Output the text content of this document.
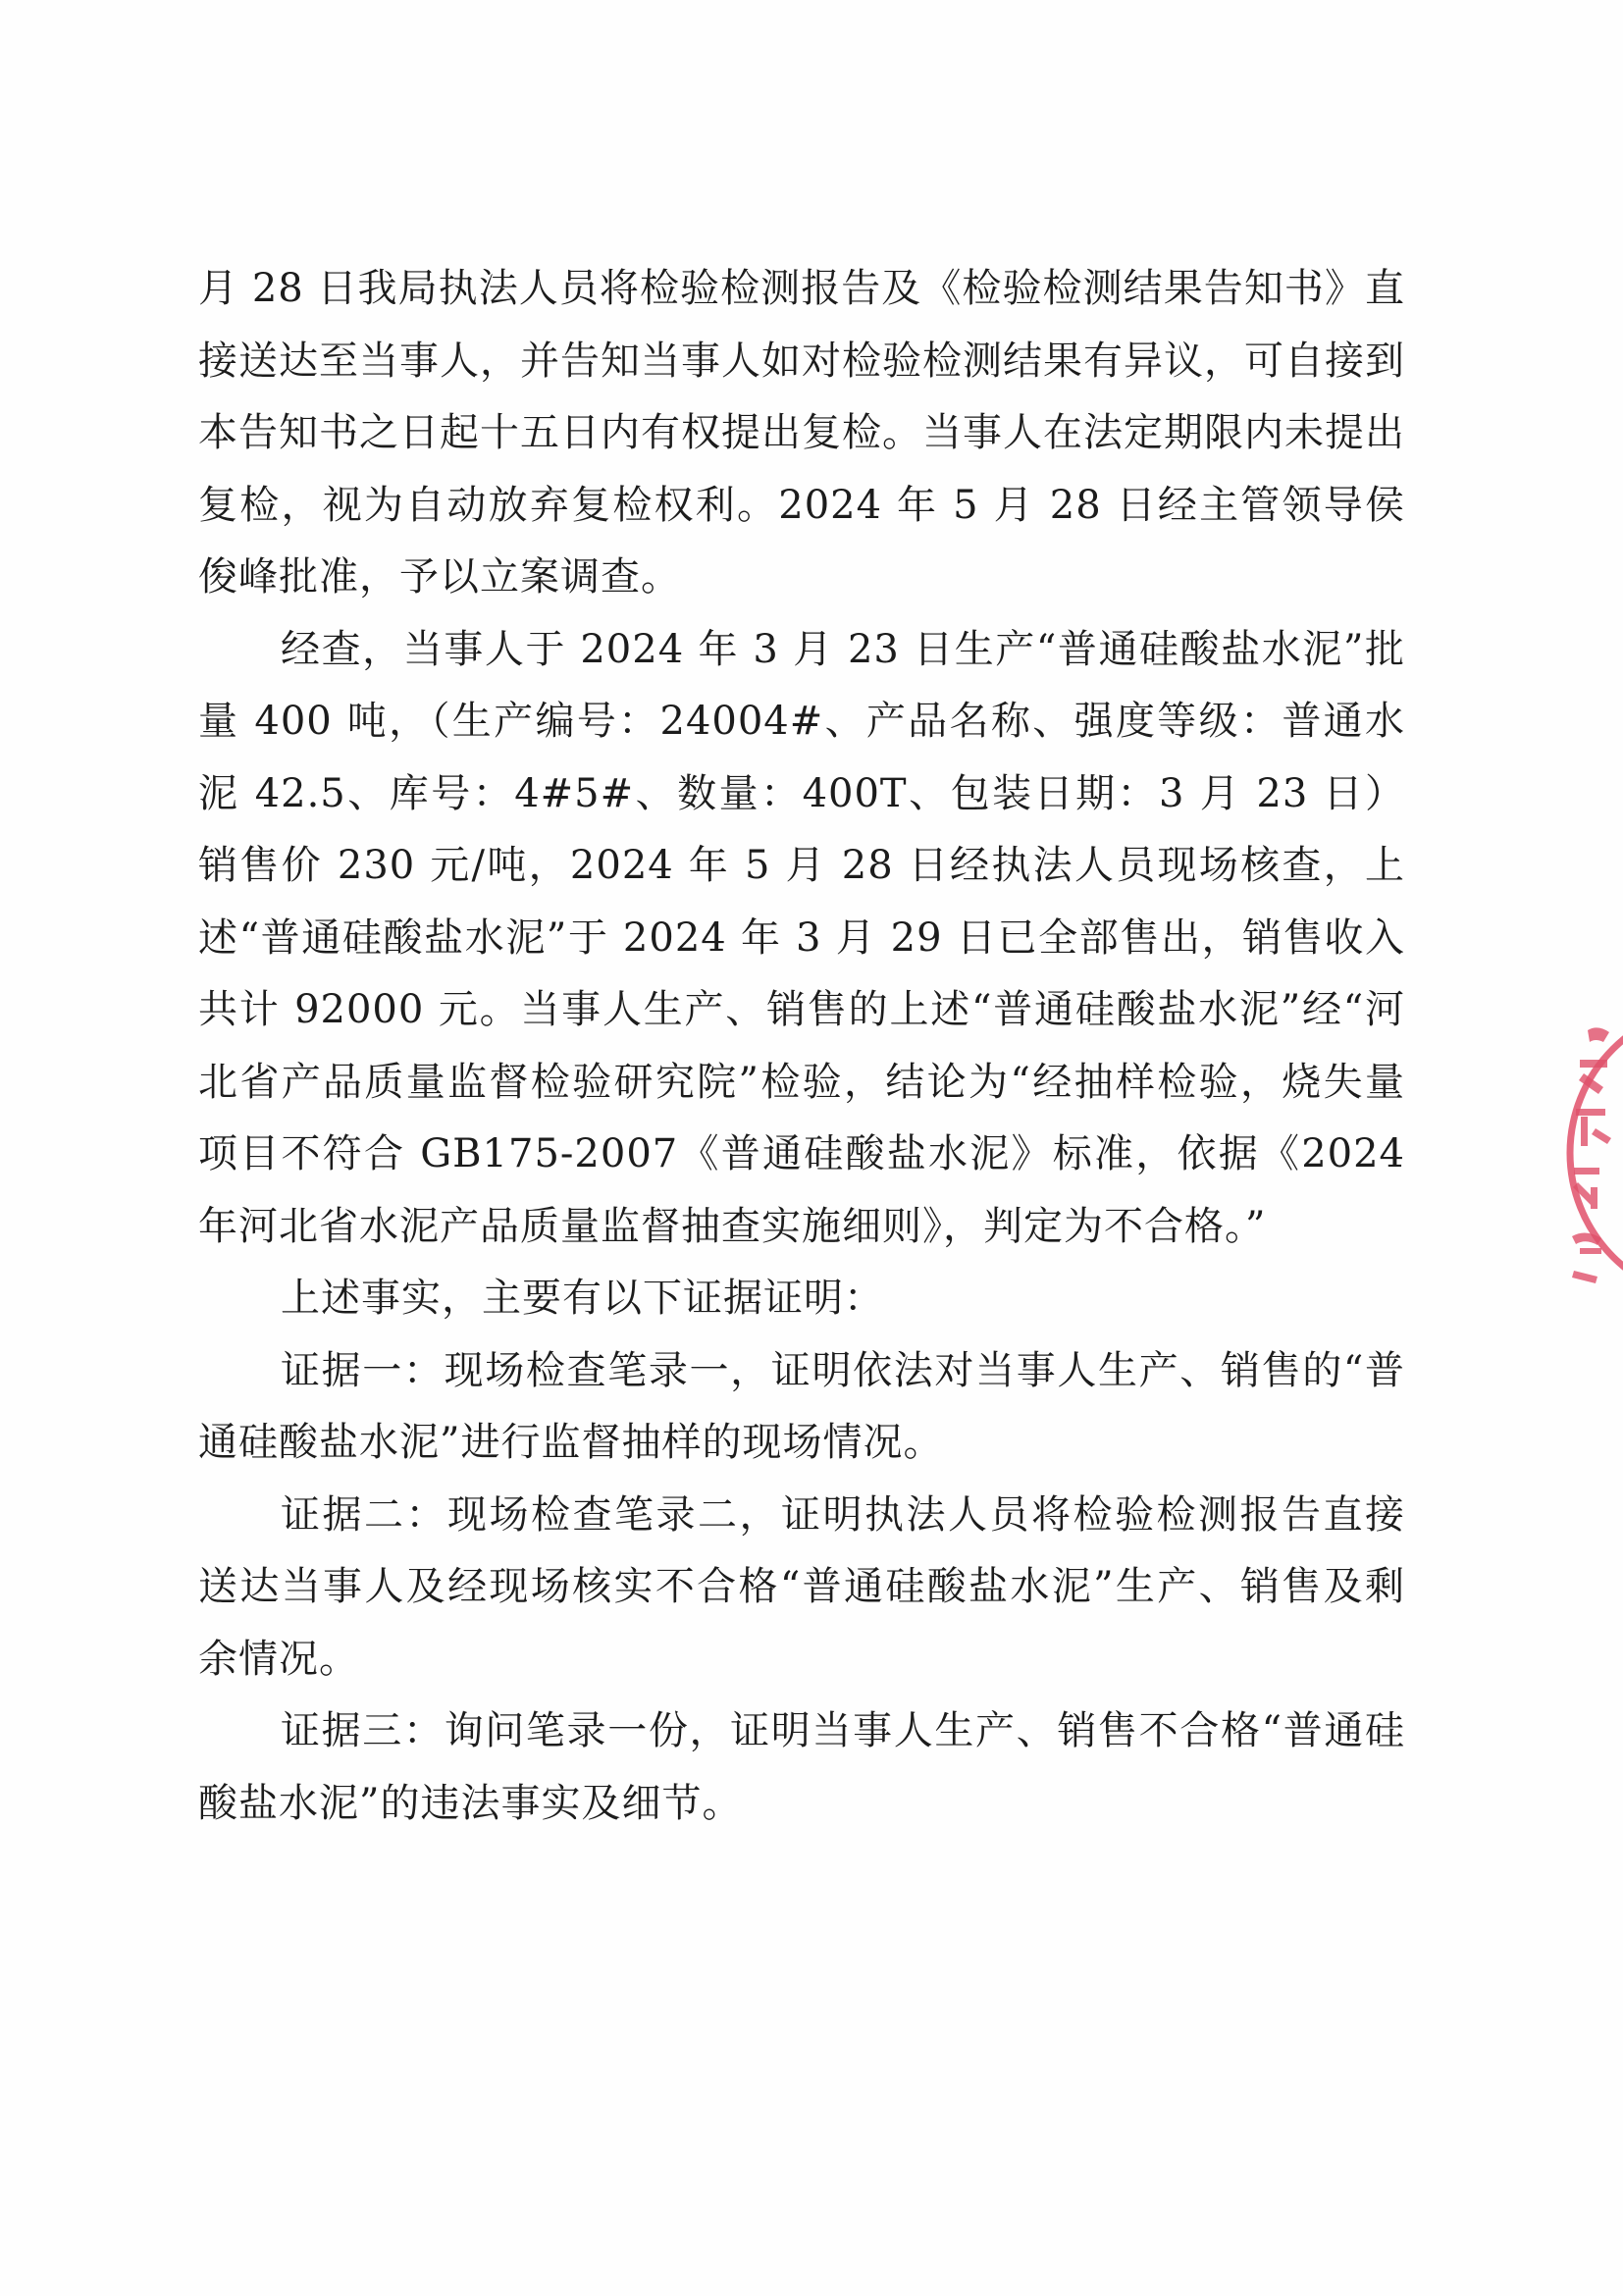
月 28 日我局执法人员将检验检测报告及《检验检测结果告知书》直接送达至当事人，并告知当事人如对检验检测结果有异议，可自接到本告知书之日起十五日内有权提出复检。当事人在法定期限内未提出复检，视为自动放弃复检权利。2024 年 5 月 28 日经主管领导侯俊峰批准，予以立案调查。

经查，当事人于 2024 年 3 月 23 日生产“普通硅酸盐水泥”批量 400 吨，（生产编号：24004#、产品名称、强度等级：普通水泥 42.5、库号：4#5#、数量：400T、包装日期：3 月 23 日）销售价 230 元/吨，2024 年 5 月 28 日经执法人员现场核查，上述“普通硅酸盐水泥”于 2024 年 3 月 29 日已全部售出，销售收入共计 92000 元。当事人生产、销售的上述“普通硅酸盐水泥”经“河北省产品质量监督检验研究院”检验，结论为“经抽样检验，烧失量项目不符合 GB175-2007《普通硅酸盐水泥》标准，依据《2024 年河北省水泥产品质量监督抽查实施细则》，判定为不合格。”

上述事实，主要有以下证据证明：

证据一：现场检查笔录一，证明依法对当事人生产、销售的“普通硅酸盐水泥”进行监督抽样的现场情况。

证据二：现场检查笔录二，证明执法人员将检验检测报告直接送达当事人及经现场核实不合格“普通硅酸盐水泥”生产、销售及剩余情况。

证据三：询问笔录一份，证明当事人生产、销售不合格“普通硅酸盐水泥”的违法事实及细节。
